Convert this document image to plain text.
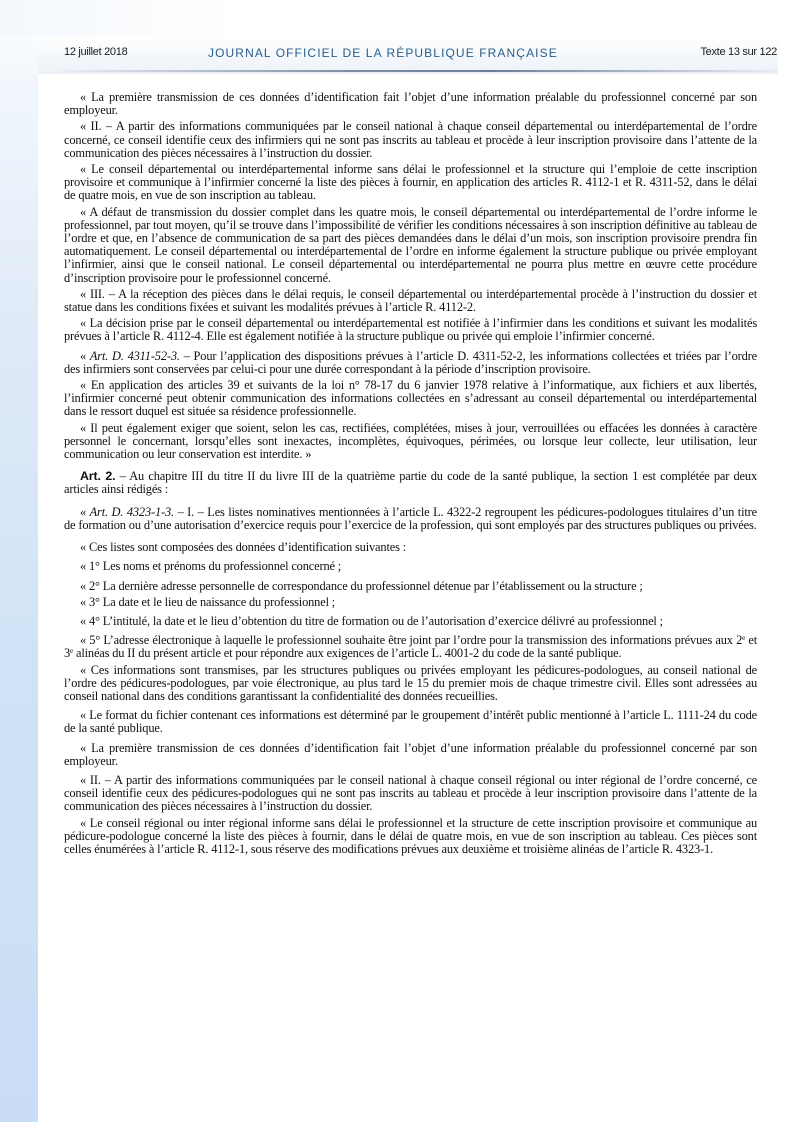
12 juillet 2018	JOURNAL OFFICIEL DE LA RÉPUBLIQUE FRANÇAISE	Texte 13 sur 122

« La première transmission de ces données d’identification fait l’objet d’une information préalable du professionnel concerné par son employeur.

« II. – A partir des informations communiquées par le conseil national à chaque conseil départemental ou interdépartemental de l’ordre concerné, ce conseil identifie ceux des infirmiers qui ne sont pas inscrits au tableau et procède à leur inscription provisoire dans l’attente de la communication des pièces nécessaires à l’instruction du dossier.

« Le conseil départemental ou interdépartemental informe sans délai le professionnel et la structure qui l’emploie de cette inscription provisoire et communique à l’infirmier concerné la liste des pièces à fournir, en application des articles R. 4112-1 et R. 4311-52, dans le délai de quatre mois, en vue de son inscription au tableau.

« A défaut de transmission du dossier complet dans les quatre mois, le conseil départemental ou interdépartemental de l’ordre informe le professionnel, par tout moyen, qu’il se trouve dans l’impossibilité de vérifier les conditions nécessaires à son inscription définitive au tableau de l’ordre et que, en l’absence de communication de sa part des pièces demandées dans le délai d’un mois, son inscription provisoire prendra fin automatiquement. Le conseil départemental ou interdépartemental de l’ordre en informe également la structure publique ou privée employant l’infirmier, ainsi que le conseil national. Le conseil départemental ou interdépartemental ne pourra plus mettre en œuvre cette procédure d’inscription provisoire pour le professionnel concerné.

« III. – A la réception des pièces dans le délai requis, le conseil départemental ou interdépartemental procède à l’instruction du dossier et statue dans les conditions fixées et suivant les modalités prévues à l’article R. 4112-2.

« La décision prise par le conseil départemental ou interdépartemental est notifiée à l’infirmier dans les conditions et suivant les modalités prévues à l’article R. 4112-4. Elle est également notifiée à la structure publique ou privée qui emploie l’infirmier concerné.

« Art. D. 4311-52-3. – Pour l’application des dispositions prévues à l’article D. 4311-52-2, les informations collectées et triées par l’ordre des infirmiers sont conservées par celui-ci pour une durée correspondant à la période d’inscription provisoire.

« En application des articles 39 et suivants de la loi n° 78-17 du 6 janvier 1978 relative à l’informatique, aux fichiers et aux libertés, l’infirmier concerné peut obtenir communication des informations collectées en s’adressant au conseil départemental ou interdépartemental dans le ressort duquel est située sa résidence professionnelle.

« Il peut également exiger que soient, selon les cas, rectifiées, complétées, mises à jour, verrouillées ou effacées les données à caractère personnel le concernant, lorsqu’elles sont inexactes, incomplètes, équivoques, périmées, ou lorsque leur collecte, leur utilisation, leur communication ou leur conservation est interdite. »

Art. 2. – Au chapitre III du titre II du livre III de la quatrième partie du code de la santé publique, la section 1 est complétée par deux articles ainsi rédigés :

« Art. D. 4323-1-3. – I. – Les listes nominatives mentionnées à l’article L. 4322-2 regroupent les pédicures-podologues titulaires d’un titre de formation ou d’une autorisation d’exercice requis pour l’exercice de la profession, qui sont employés par des structures publiques ou privées.

« Ces listes sont composées des données d’identification suivantes :

« 1° Les noms et prénoms du professionnel concerné ;

« 2° La dernière adresse personnelle de correspondance du professionnel détenue par l’établissement ou la structure ;

« 3° La date et le lieu de naissance du professionnel ;

« 4° L’intitulé, la date et le lieu d’obtention du titre de formation ou de l’autorisation d’exercice délivré au professionnel ;

« 5° L’adresse électronique à laquelle le professionnel souhaite être joint par l’ordre pour la transmission des informations prévues aux 2e et 3e alinéas du II du présent article et pour répondre aux exigences de l’article L. 4001-2 du code de la santé publique.

« Ces informations sont transmises, par les structures publiques ou privées employant les pédicures-podologues, au conseil national de l’ordre des pédicures-podologues, par voie électronique, au plus tard le 15 du premier mois de chaque trimestre civil. Elles sont adressées au conseil national dans des conditions garantissant la confidentialité des données recueillies.

« Le format du fichier contenant ces informations est déterminé par le groupement d’intérêt public mentionné à l’article L. 1111-24 du code de la santé publique.

« La première transmission de ces données d’identification fait l’objet d’une information préalable du professionnel concerné par son employeur.

« II. – A partir des informations communiquées par le conseil national à chaque conseil régional ou inter régional de l’ordre concerné, ce conseil identifie ceux des pédicures-podologues qui ne sont pas inscrits au tableau et procède à leur inscription provisoire dans l’attente de la communication des pièces nécessaires à l’instruction du dossier.

« Le conseil régional ou inter régional informe sans délai le professionnel et la structure de cette inscription provisoire et communique au pédicure-podologue concerné la liste des pièces à fournir, dans le délai de quatre mois, en vue de son inscription au tableau. Ces pièces sont celles énumérées à l’article R. 4112-1, sous réserve des modifications prévues aux deuxième et troisième alinéas de l’article R. 4323-1.
